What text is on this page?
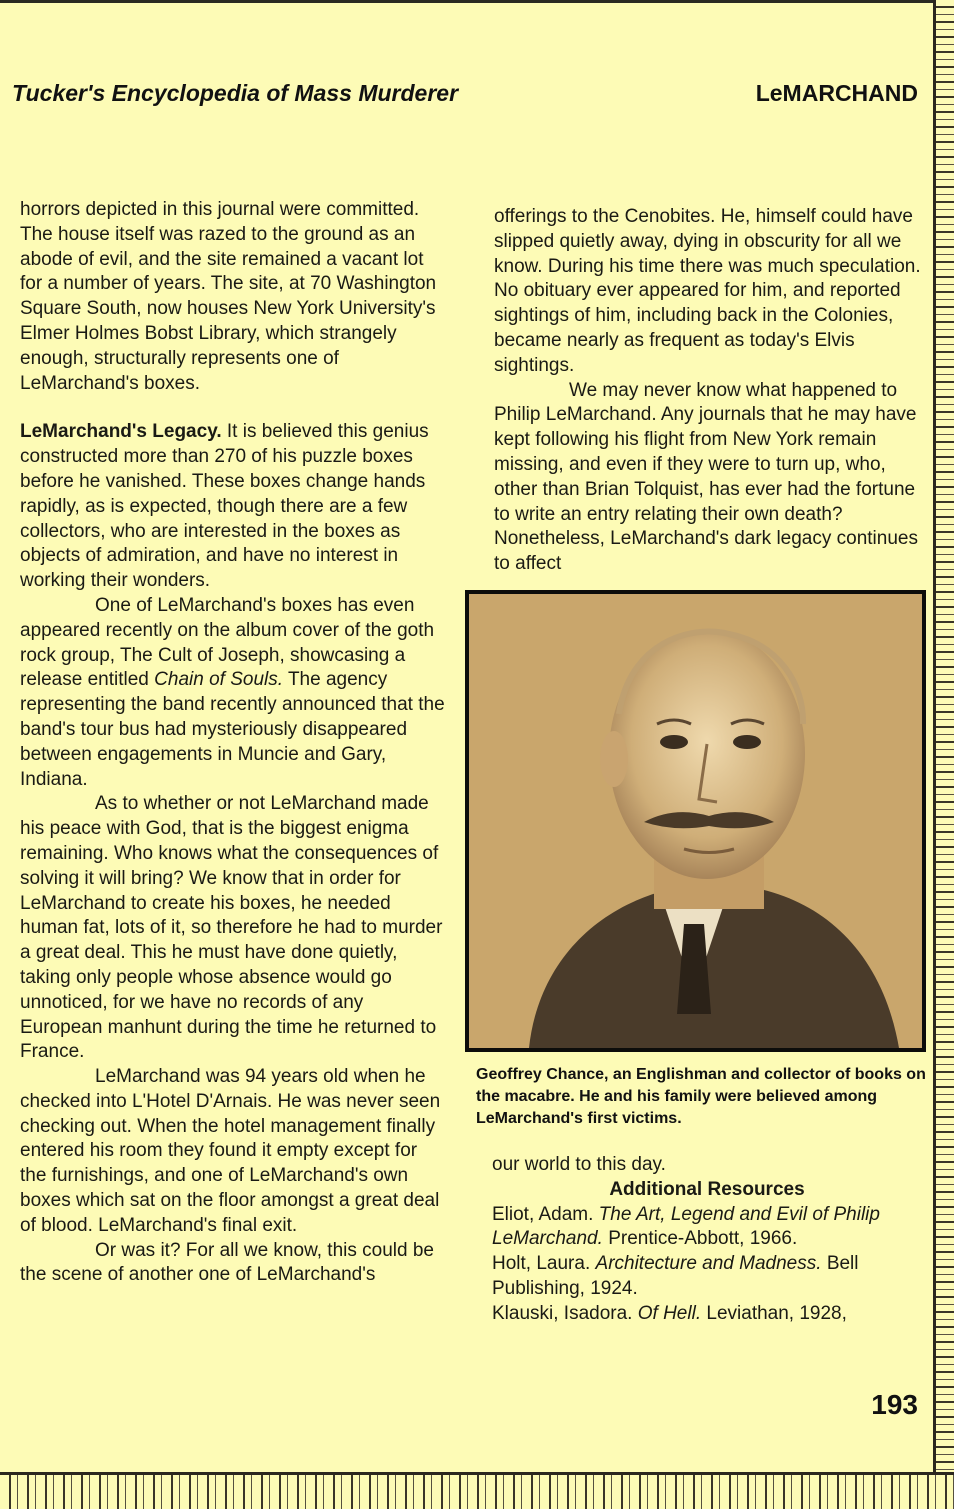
Tucker's Encyclopedia of Mass Murderer	LeMARCHAND

horrors depicted in this journal were committed. The house itself was razed to the ground as an abode of evil, and the site remained a vacant lot for a number of years. The site, at 70 Washington Square South, now houses New York University's Elmer Holmes Bobst Library, which strangely enough, structurally represents one of LeMarchand's boxes.

LeMarchand's Legacy. It is believed this genius constructed more than 270 of his puzzle boxes before he vanished. These boxes change hands rapidly, as is expected, though there are a few collectors, who are interested in the boxes as objects of admiration, and have no interest in working their wonders.

One of LeMarchand's boxes has even appeared recently on the album cover of the goth rock group, The Cult of Joseph, showcasing a release entitled Chain of Souls. The agency representing the band recently announced that the band's tour bus had mysteriously disappeared between engagements in Muncie and Gary, Indiana.

As to whether or not LeMarchand made his peace with God, that is the biggest enigma remaining. Who knows what the consequences of solving it will bring? We know that in order for LeMarchand to create his boxes, he needed human fat, lots of it, so therefore he had to murder a great deal. This he must have done quietly, taking only people whose absence would go unnoticed, for we have no records of any European manhunt during the time he returned to France.

LeMarchand was 94 years old when he checked into L'Hotel D'Arnais. He was never seen checking out. When the hotel management finally entered his room they found it empty except for the furnishings, and one of LeMarchand's own boxes which sat on the floor amongst a great deal of blood. LeMarchand's final exit.

Or was it? For all we know, this could be the scene of another one of LeMarchand's

offerings to the Cenobites. He, himself could have slipped quietly away, dying in obscurity for all we know. During his time there was much speculation. No obituary ever appeared for him, and reported sightings of him, including back in the Colonies, became nearly as frequent as today's Elvis sightings.

We may never know what happened to Philip LeMarchand. Any journals that he may have kept following his flight from New York remain missing, and even if they were to turn up, who, other than Brian Tolquist, has ever had the fortune to write an entry relating their own death? Nonetheless, LeMarchand's dark legacy continues to affect

Geoffrey Chance, an Englishman and collector of books on the macabre. He and his family were believed among LeMarchand's first victims.

our world to this day.

Additional Resources

Eliot, Adam. The Art, Legend and Evil of Philip LeMarchand. Prentice-Abbott, 1966.

Holt, Laura. Architecture and Madness. Bell Publishing, 1924.

Klauski, Isadora. Of Hell. Leviathan, 1928,

193
